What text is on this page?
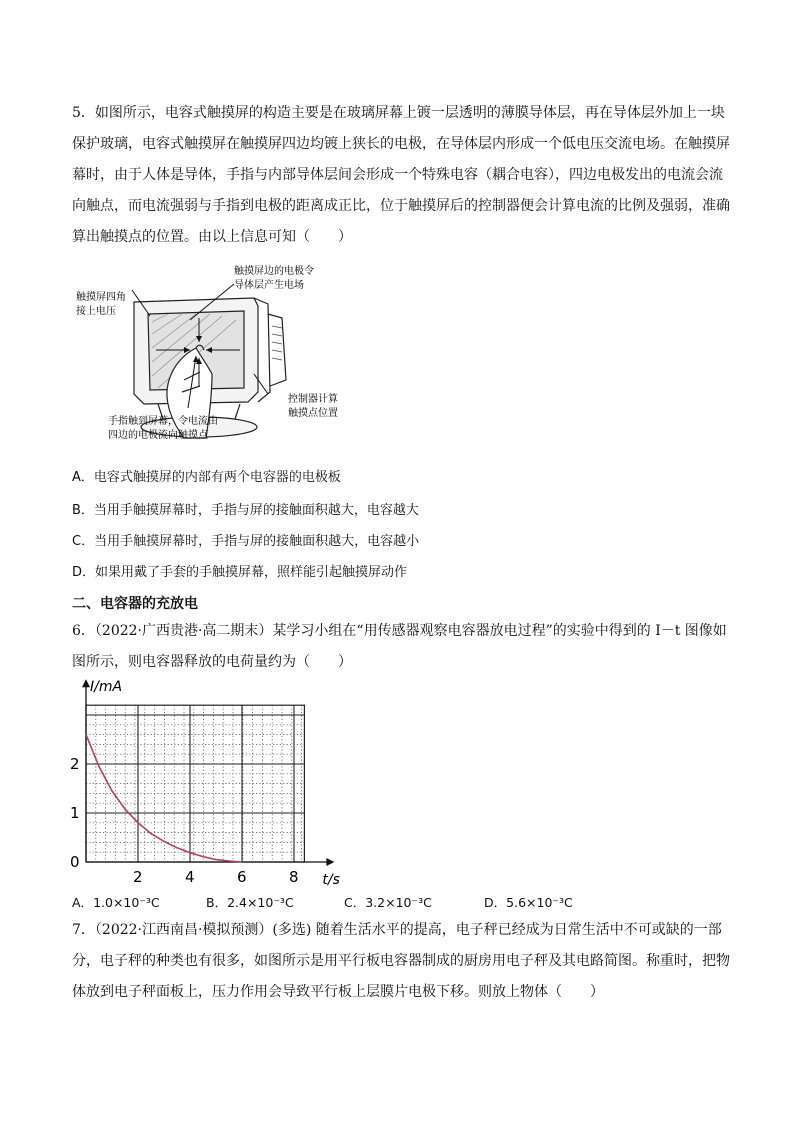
5．如图所示，电容式触摸屏的构造主要是在玻璃屏幕上镀一层透明的薄膜导体层，再在导体层外加上一块保护玻璃，电容式触摸屏在触摸屏四边均镀上狭长的电极，在导体层内形成一个低电压交流电场。在触摸屏幕时，由于人体是导体，手指与内部导体层间会形成一个特殊电容（耦合电容），四边电极发出的电流会流向触点，而电流强弱与手指到电极的距离成正比，位于触摸屏后的控制器便会计算电流的比例及强弱，准确算出触摸点的位置。由以上信息可知（　　）

触摸屏边的电极令
导体层产生电场
触摸屏四角
接上电压
控制器计算
触摸点位置
手指触到屏幕，令电流由
四边的电极流向触摸点
A．电容式触摸屏的内部有两个电容器的电极板
B．当用手触摸屏幕时，手指与屏的接触面积越大，电容越大
C．当用手触摸屏幕时，手指与屏的接触面积越大，电容越小
D．如果用戴了手套的手触摸屏幕，照样能引起触摸屏动作
二、电容器的充放电

6．（2022·广西贵港·高二期末）某学习小组在“用传感器观察电容器放电过程”的实验中得到的 I－t 图像如图所示，则电容器释放的电荷量约为（　　）

2	4	6	8
0
1
2
I/mA
t/s
A．1.0×10⁻³C	B．2.4×10⁻³C	C．3.2×10⁻³C	D．5.6×10⁻³C

7．（2022·江西南昌·模拟预测）(多选) 随着生活水平的提高，电子秤已经成为日常生活中不可或缺的一部分，电子秤的种类也有很多，如图所示是用平行板电容器制成的厨房用电子秤及其电路简图。称重时，把物体放到电子秤面板上，压力作用会导致平行板上层膜片电极下移。则放上物体（　　）
